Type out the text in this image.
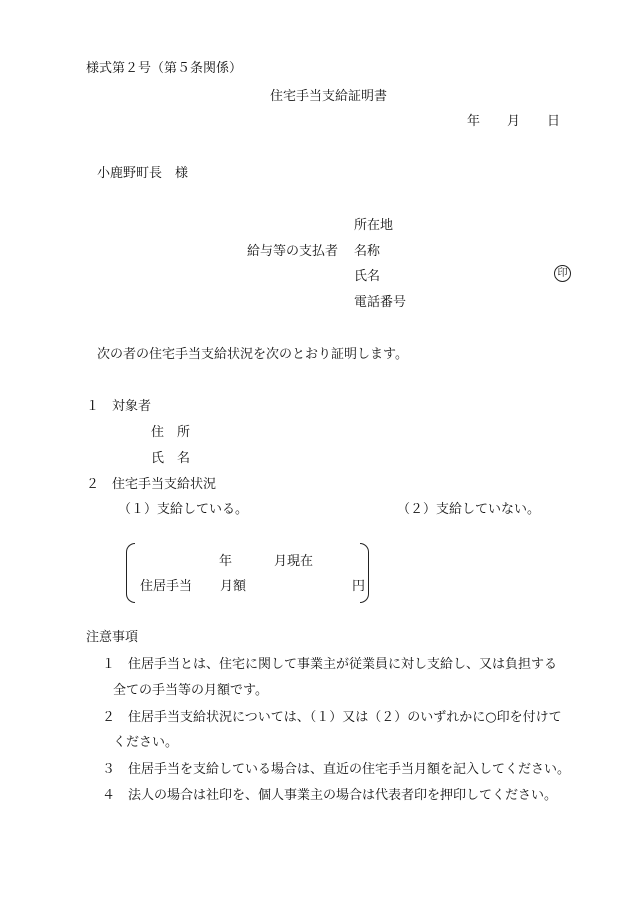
様式第２号（第５条関係）
住宅手当支給証明書
年 月 日
小鹿野町長　様
所在地
給与等の支払者 名称
氏名	印
電話番号
次の者の住宅手当支給状況を次のとおり証明します。
１　対象者
住　所
氏　名
２　住宅手当支給状況
（１）支給している。	（２）支給していない。
年	月現在
住居手当 月額	円
注意事項
１　住居手当とは、住宅に関して事業主が従業員に対し支給し、又は負担する
全ての手当等の月額です。
２　住居手当支給状況については、（１）又は（２）のいずれかに○印を付けて
ください。
３　住居手当を支給している場合は、直近の住宅手当月額を記入してください。
４　法人の場合は社印を、個人事業主の場合は代表者印を押印してください。
